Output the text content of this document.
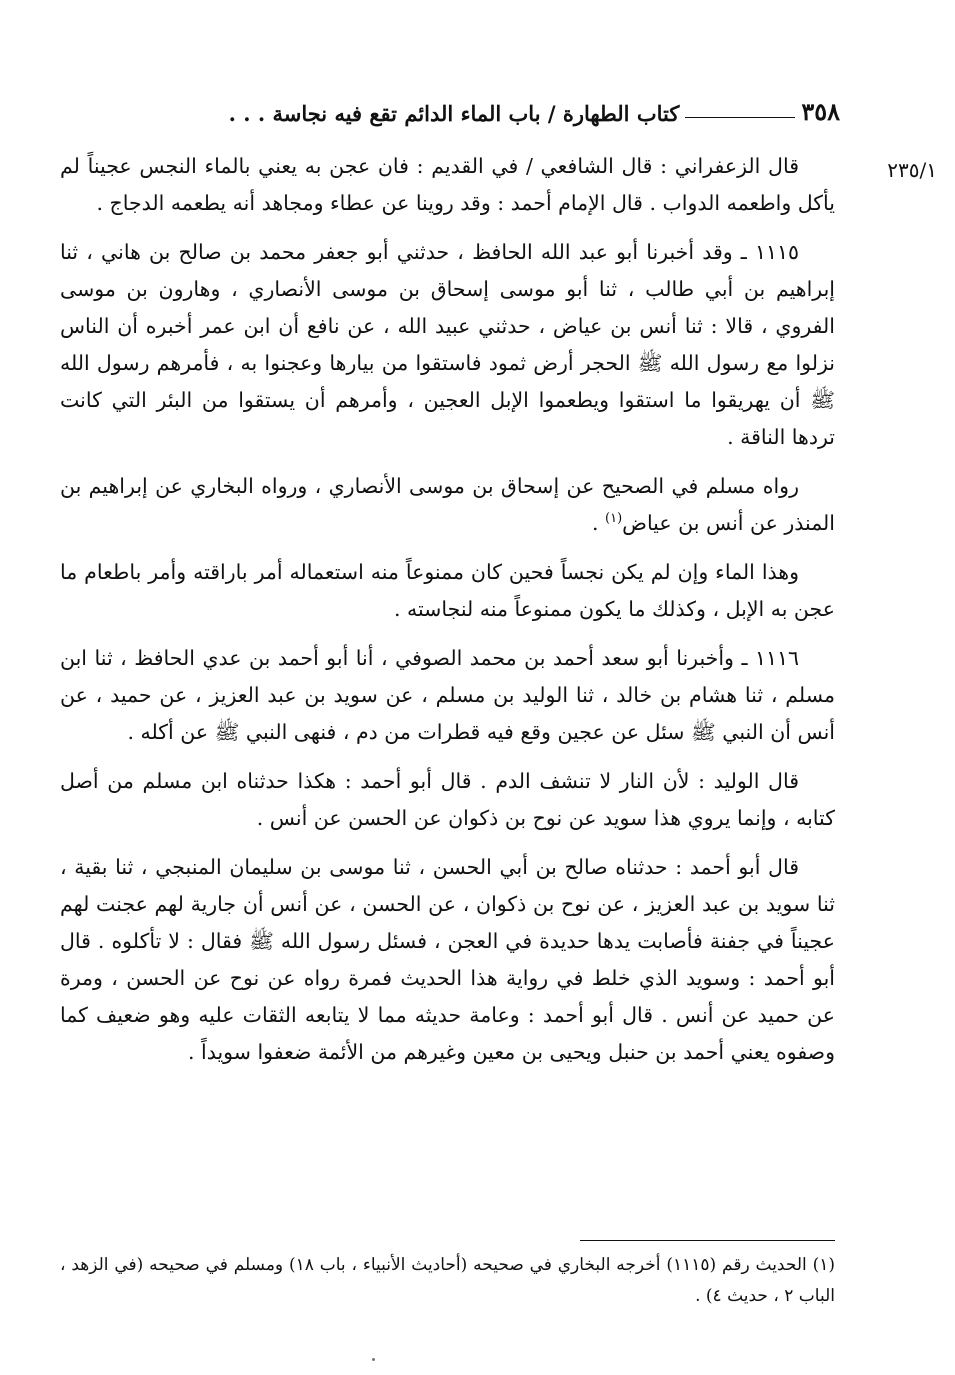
٣٥٨
كتاب الطهارة / باب الماء الدائم تقع فيه نجاسة . . .
٢٣٥/١

قال الزعفراني : قال الشافعي / في القديم : فان عجن به يعني بالماء النجس عجيناً لم يأكل واطعمه الدواب . قال الإمام أحمد : وقد روينا عن عطاء ومجاهد أنه يطعمه الدجاج .

١١١٥ ـ وقد أخبرنا أبو عبد الله الحافظ ، حدثني أبو جعفر محمد بن صالح بن هاني ، ثنا إبراهيم بن أبي طالب ، ثنا أبو موسى إسحاق بن موسى الأنصاري ، وهارون بن موسى الفروي ، قالا : ثنا أنس بن عياض ، حدثني عبيد الله ، عن نافع أن ابن عمر أخبره أن الناس نزلوا مع رسول الله ﷺ الحجر أرض ثمود فاستقوا من بيارها وعجنوا به ، فأمرهم رسول الله ﷺ أن يهريقوا ما استقوا ويطعموا الإبل العجين ، وأمرهم أن يستقوا من البئر التي كانت تردها الناقة .

رواه مسلم في الصحيح عن إسحاق بن موسى الأنصاري ، ورواه البخاري عن إبراهيم بن المنذر عن أنس بن عياض$^{(١)}$ .

وهذا الماء وإن لم يكن نجساً فحين كان ممنوعاً منه استعماله أمر باراقته وأمر باطعام ما عجن به الإبل ، وكذلك ما يكون ممنوعاً منه لنجاسته .

١١١٦ ـ وأخبرنا أبو سعد أحمد بن محمد الصوفي ، أنا أبو أحمد بن عدي الحافظ ، ثنا ابن مسلم ، ثنا هشام بن خالد ، ثنا الوليد بن مسلم ، عن سويد بن عبد العزيز ، عن حميد ، عن أنس أن النبي ﷺ سئل عن عجين وقع فيه قطرات من دم ، فنهى النبي ﷺ عن أكله .

قال الوليد : لأن النار لا تنشف الدم . قال أبو أحمد : هكذا حدثناه ابن مسلم من أصل كتابه ، وإنما يروي هذا سويد عن نوح بن ذكوان عن الحسن عن أنس .

قال أبو أحمد : حدثناه صالح بن أبي الحسن ، ثنا موسى بن سليمان المنبجي ، ثنا بقية ، ثنا سويد بن عبد العزيز ، عن نوح بن ذكوان ، عن الحسن ، عن أنس أن جارية لهم عجنت لهم عجيناً في جفنة فأصابت يدها حديدة في العجن ، فسئل رسول الله ﷺ فقال : لا تأكلوه . قال أبو أحمد : وسويد الذي خلط في رواية هذا الحديث فمرة رواه عن نوح عن الحسن ، ومرة عن حميد عن أنس . قال أبو أحمد : وعامة حديثه مما لا يتابعه الثقات عليه وهو ضعيف كما وصفوه يعني أحمد بن حنبل ويحيى بن معين وغيرهم من الأئمة ضعفوا سويداً .

(١) الحديث رقم (١١١٥) أخرجه البخاري في صحيحه (أحاديث الأنبياء ، باب ١٨) ومسلم في صحيحه (في الزهد ، الباب ٢ ، حديث ٤) .
